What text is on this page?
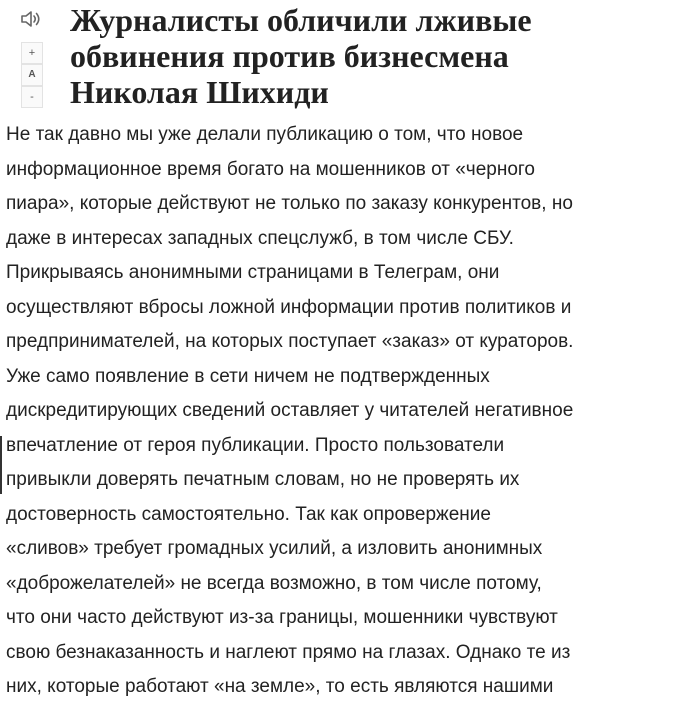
+
A
-
Журналисты обличили лживые
обвинения против бизнесмена
Николая Шихиди
Не так давно мы уже делали публикацию о том, что новое
информационное время богато на мошенников от «черного
пиара», которые действуют не только по заказу конкурентов, но
даже в интересах западных спецслужб, в том числе СБУ.
Прикрываясь анонимными страницами в Телеграм, они
осуществляют вбросы ложной информации против политиков и
предпринимателей, на которых поступает «заказ» от кураторов.
Уже само появление в сети ничем не подтвержденных
дискредитирующих сведений оставляет у читателей негативное
впечатление от героя публикации. Просто пользователи
привыкли доверять печатным словам, но не проверять их
достоверность самостоятельно. Так как опровержение
«сливов» требует громадных усилий, а изловить анонимных
«доброжелателей» не всегда возможно, в том числе потому,
что они часто действуют из-за границы, мошенники чувствуют
свою безнаказанность и наглеют прямо на глазах. Однако те из
них, которые работают «на земле», то есть являются нашими
